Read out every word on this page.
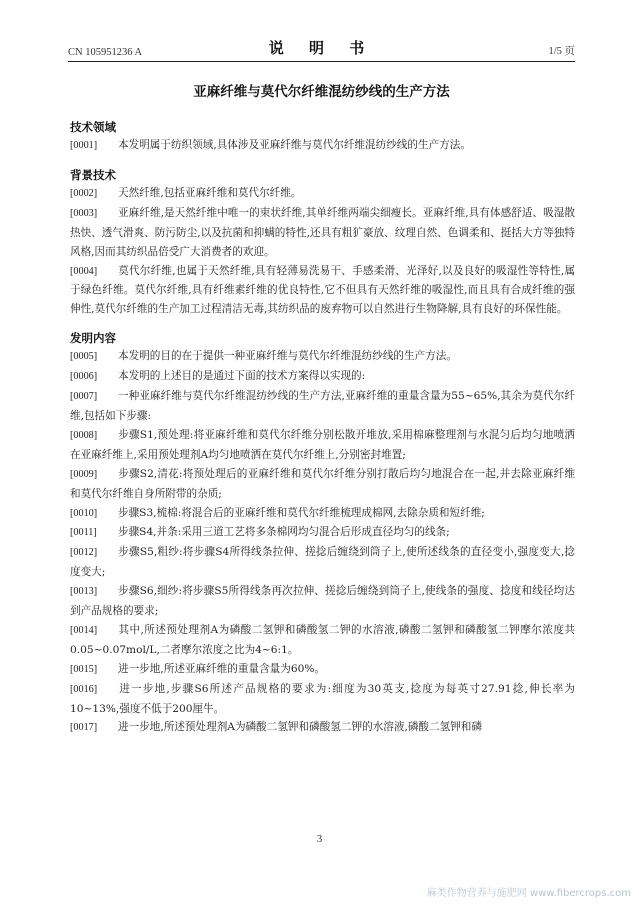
CN 105951236 A	说 明 书	1/5 页
亚麻纤维与莫代尔纤维混纺纱线的生产方法
技术领域
[0001] 本发明属于纺织领域,具体涉及亚麻纤维与莫代尔纤维混纺纱线的生产方法。
背景技术
[0002] 天然纤维,包括亚麻纤维和莫代尔纤维。
[0003] 亚麻纤维,是天然纤维中唯一的束状纤维,其单纤维两端尖细瘦长。亚麻纤维,具有体感舒适、吸湿散热快、透气滑爽、防污防尘,以及抗菌和抑螨的特性,还具有粗犷豪放、纹理自然、色调柔和、挺括大方等独特风格,因而其纺织品倍受广大消费者的欢迎。
[0004] 莫代尔纤维,也属于天然纤维,具有轻薄易洗易干、手感柔滑、光泽好,以及良好的吸湿性等特性,属于绿色纤维。莫代尔纤维,具有纤维素纤维的优良特性,它不但具有天然纤维的吸湿性,而且具有合成纤维的强伸性,莫代尔纤维的生产加工过程清洁无毒,其纺织品的废弃物可以自然进行生物降解,具有良好的环保性能。
发明内容
[0005] 本发明的目的在于提供一种亚麻纤维与莫代尔纤维混纺纱线的生产方法。
[0006] 本发明的上述目的是通过下面的技术方案得以实现的:
[0007] 一种亚麻纤维与莫代尔纤维混纺纱线的生产方法,亚麻纤维的重量含量为55~65%,其余为莫代尔纤维,包括如下步骤:
[0008] 步骤S1,预处理:将亚麻纤维和莫代尔纤维分别松散开堆放,采用棉麻整理剂与水混匀后均匀地喷洒在亚麻纤维上,采用预处理剂A均匀地喷洒在莫代尔纤维上,分别密封堆置;
[0009] 步骤S2,清花:将预处理后的亚麻纤维和莫代尔纤维分别打散后均匀地混合在一起,并去除亚麻纤维和莫代尔纤维自身所附带的杂质;
[0010] 步骤S3,梳棉:将混合后的亚麻纤维和莫代尔纤维梳理成棉网,去除杂质和短纤维;
[0011] 步骤S4,并条:采用三道工艺将多条棉网均匀混合后形成直径均匀的线条;
[0012] 步骤S5,粗纱:将步骤S4所得线条拉伸、搓捻后缠绕到筒子上,使所述线条的直径变小,强度变大,捻度变大;
[0013] 步骤S6,细纱:将步骤S5所得线条再次拉伸、搓捻后缠绕到筒子上,使线条的强度、捻度和线径均达到产品规格的要求;
[0014] 其中,所述预处理剂A为磷酸二氢钾和磷酸氢二钾的水溶液,磷酸二氢钾和磷酸氢二钾摩尔浓度共0.05~0.07mol/L,二者摩尔浓度之比为4~6:1。
[0015] 进一步地,所述亚麻纤维的重量含量为60%。
[0016] 进一步地,步骤S6所述产品规格的要求为:细度为30英支,捻度为每英寸27.91捻,伸长率为10~13%,强度不低于200厘牛。
[0017] 进一步地,所述预处理剂A为磷酸二氢钾和磷酸氢二钾的水溶液,磷酸二氢钾和磷
3
麻类作物营养与施肥网 www.fibercrops.com
